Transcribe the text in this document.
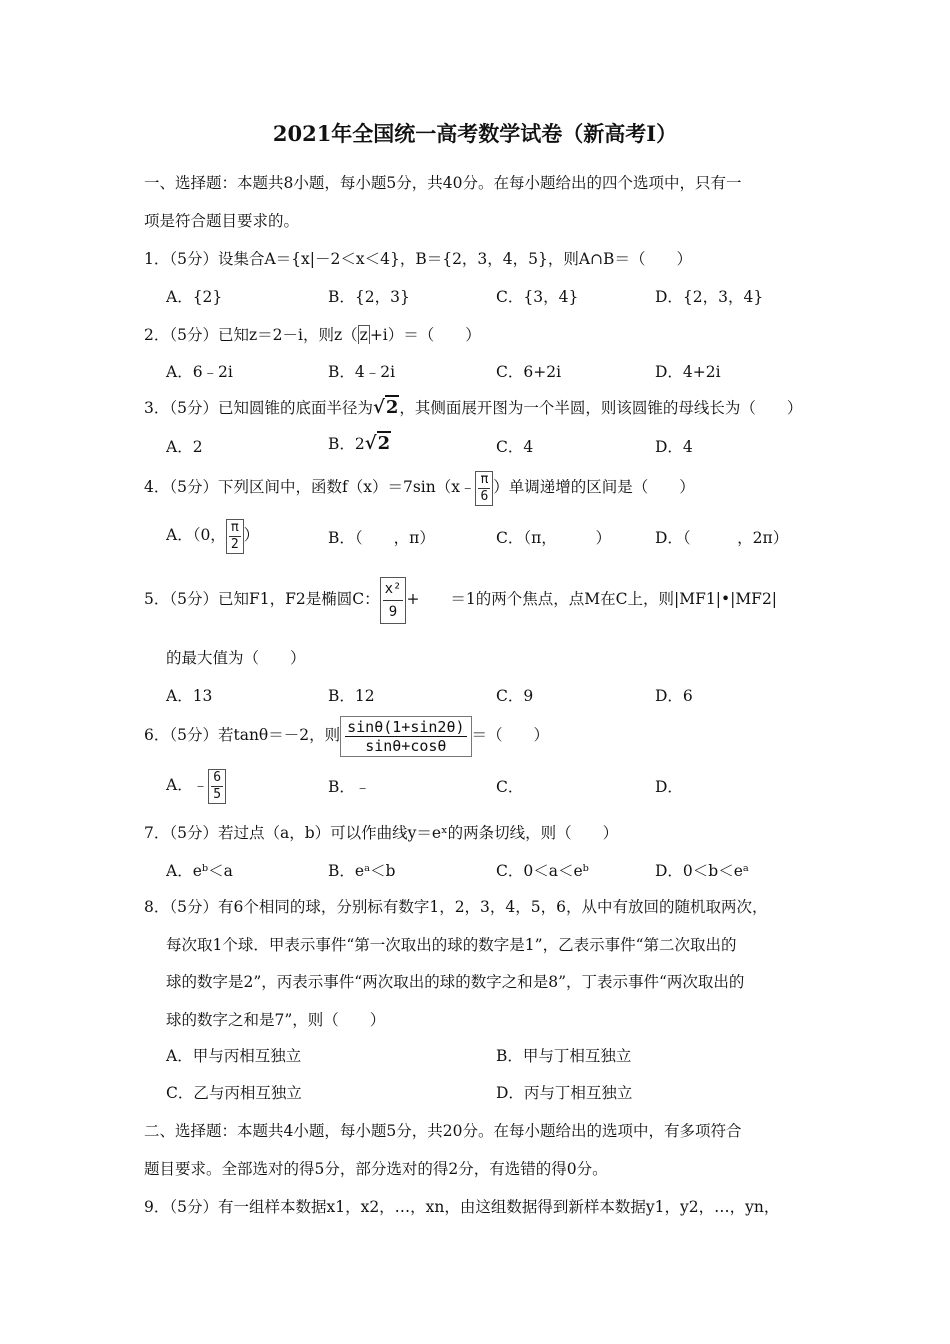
2021年全国统一高考数学试卷（新高考Ⅰ）
一、选择题：本题共8小题，每小题5分，共40分。在每小题给出的四个选项中，只有一
项是符合题目要求的。
1．（5分）设集合A＝{x|－2＜x＜4}，B＝{2，3，4，5}，则A∩B＝（　　）
A．{2}	B．{2，3}	C．{3，4}	D．{2，3，4}
2．（5分）已知z＝2－i，则z（ z +i）＝（　　）
A．6﹣2i	B．4﹣2i	C．6+2i	D．4+2i
3．（5分）已知圆锥的底面半径为√2，其侧面展开图为一个半圆，则该圆锥的母线长为（　　）
A．2	B．2√2	C．4	D．4
4．（5分）下列区间中，函数f（x）＝7sin（x﹣ $\frac{\pi}{6}$ ）单调递增的区间是（　　）
A．（0， $\frac{\pi}{2}$ ）	B．（　　，π）	C．（π，　　　）	D．（　　　，2π）
5．（5分）已知F1，F2是椭圆C： $\frac{\text{x²}}{9}$ +　　＝1的两个焦点，点M在C上，则|MF1|•|MF2|
的最大值为（　　）
A．13	B．12	C．9	D．6
6．（5分）若tanθ＝－2，则 $\frac{\sin\theta(1+\sin 2\theta)}{\sin\theta+\cos\theta}$ ＝（　　）
A．﹣ $\frac{6}{5}$	B．﹣	C．	D．
7．（5分）若过点（a，b）可以作曲线y＝eˣ的两条切线，则（　　）
A．eᵇ＜a	B．eᵃ＜b	C．0＜a＜eᵇ	D．0＜b＜eᵃ
8．（5分）有6个相同的球，分别标有数字1，2，3，4，5，6，从中有放回的随机取两次，
每次取1个球．甲表示事件“第一次取出的球的数字是1”，乙表示事件“第二次取出的
球的数字是2”，丙表示事件“两次取出的球的数字之和是8”，丁表示事件“两次取出的
球的数字之和是7”，则（　　）
A．甲与丙相互独立	B．甲与丁相互独立
C．乙与丙相互独立	D．丙与丁相互独立
二、选择题：本题共4小题，每小题5分，共20分。在每小题给出的选项中，有多项符合
题目要求。全部选对的得5分，部分选对的得2分，有选错的得0分。
9．（5分）有一组样本数据x1，x2，…，xn，由这组数据得到新样本数据y1，y2，…，yn，
